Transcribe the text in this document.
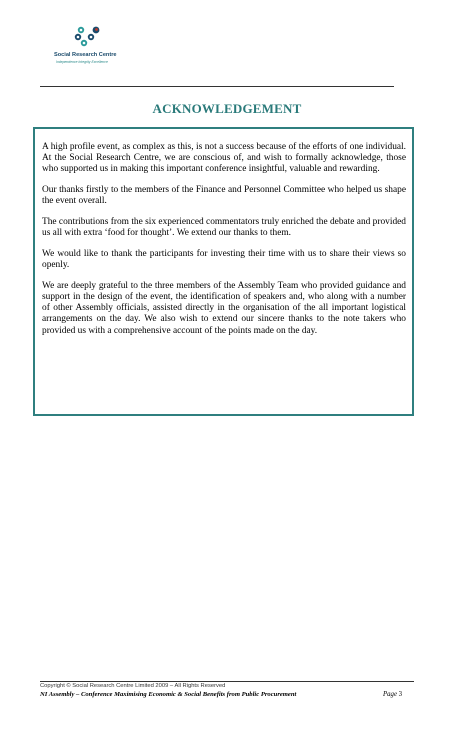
Social Research Centre
Independence Integrity Excellence
ACKNOWLEDGEMENT

A high profile event, as complex as this, is not a success because of the efforts of one individual. At the Social Research Centre, we are conscious of, and wish to formally acknowledge, those who supported us in making this important conference insightful, valuable and rewarding.

Our thanks firstly to the members of the Finance and Personnel Committee who helped us shape the event overall.

The contributions from the six experienced commentators truly enriched the debate and provided us all with extra ‘food for thought’. We extend our thanks to them.

We would like to thank the participants for investing their time with us to share their views so openly.

We are deeply grateful to the three members of the Assembly Team who provided guidance and support in the design of the event, the identification of speakers and, who along with a number of other Assembly officials, assisted directly in the organisation of the all important logistical arrangements on the day. We also wish to extend our sincere thanks to the note takers who provided us with a comprehensive account of the points made on the day.

Copyright © Social Research Centre Limited 2009 – All Rights Reserved
NI Assembly – Conference Maximising Economic & Social Benefits from Public Procurement	Page 3
